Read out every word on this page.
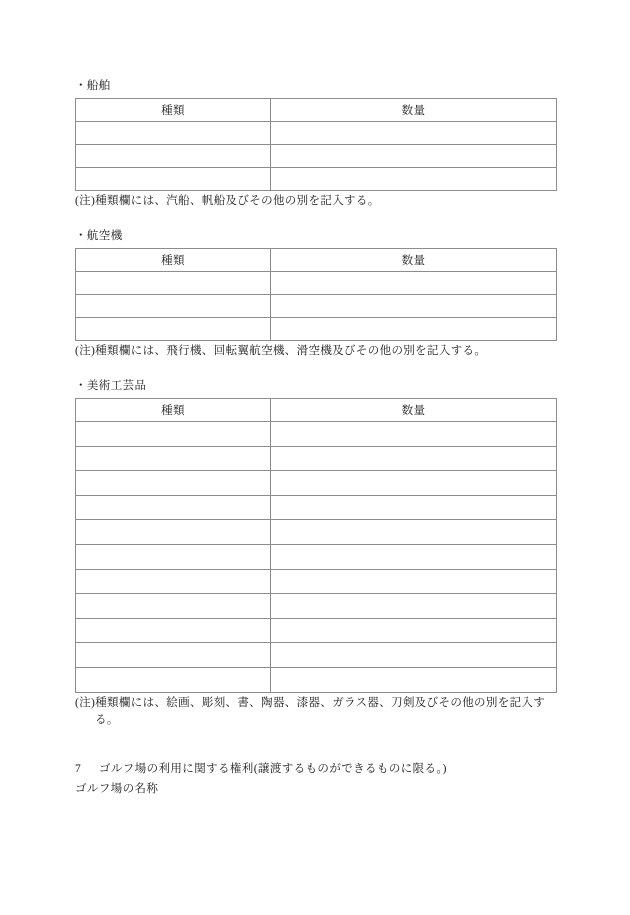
・船舶

種類	数量

(注)種類欄には、汽船、帆船及びその他の別を記入する。

・航空機

種類	数量

(注)種類欄には、飛行機、回転翼航空機、滑空機及びその他の別を記入する。

・美術工芸品

種類	数量

(注)種類欄には、絵画、彫刻、書、陶器、漆器、ガラス器、刀剣及びその他の別を記入す
る。

7 ゴルフ場の利用に関する権利(譲渡するものができるものに限る。)

ゴルフ場の名称
